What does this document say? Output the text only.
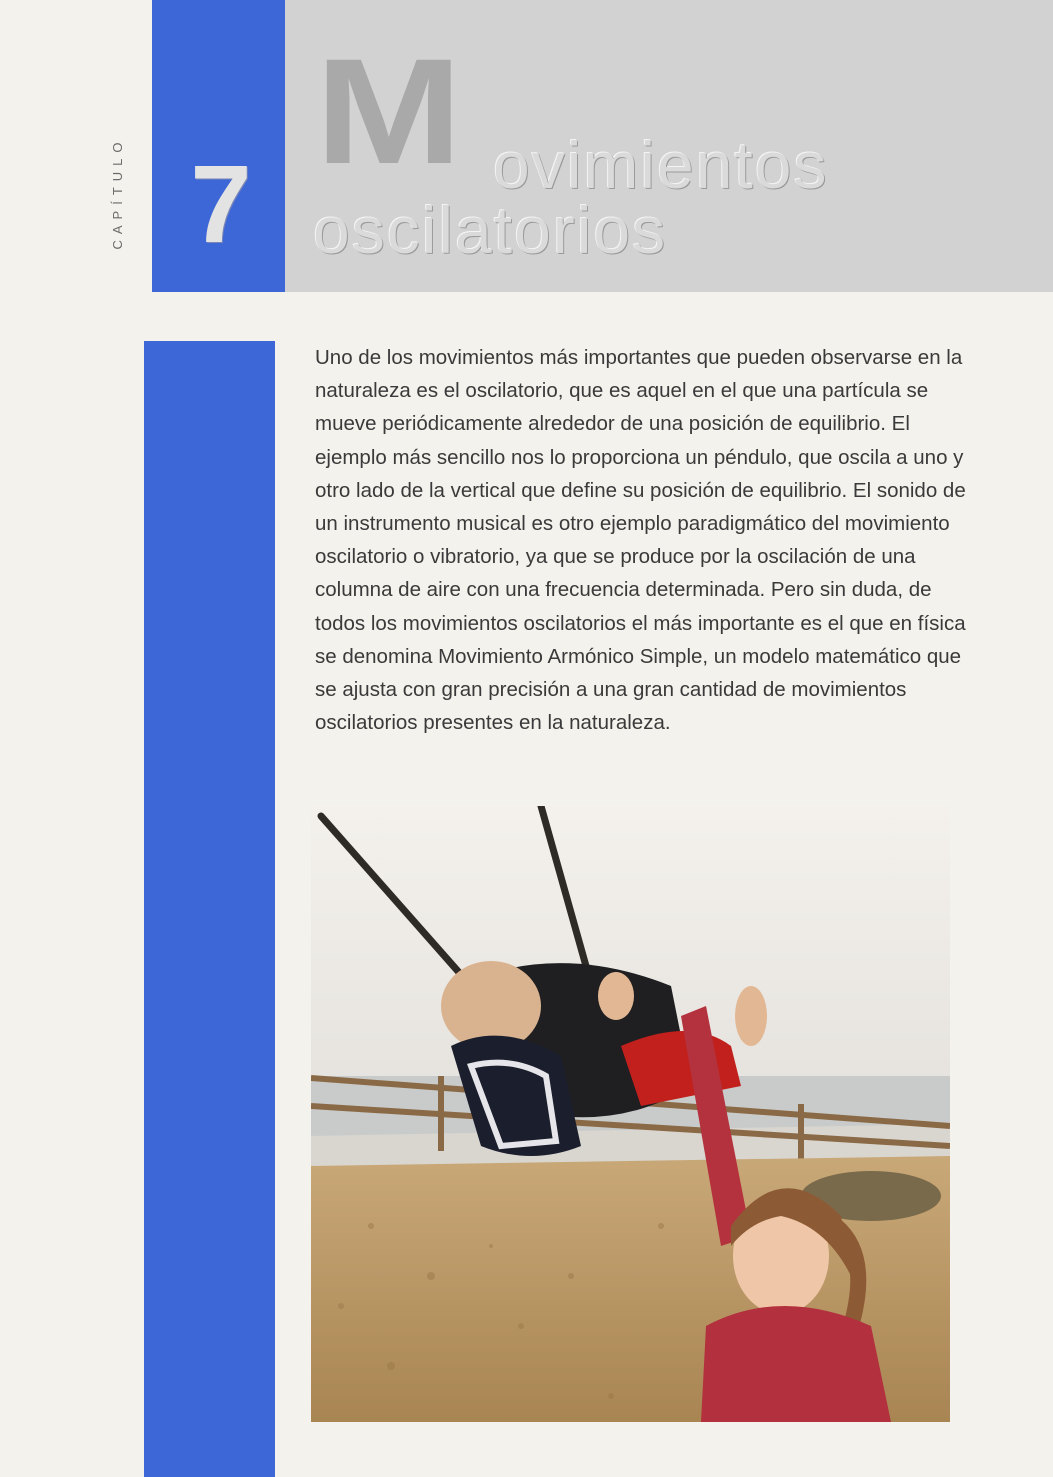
CAPÍTULO 7
M ovimientos
oscilatorios

Uno de los movimientos más importantes que pueden observarse en la naturaleza es el oscilatorio, que es aquel en el que una partícula se mueve periódicamente alrededor de una posición de equilibrio. El ejemplo más sencillo nos lo proporciona un péndulo, que oscila a uno y otro lado de la vertical que define su posición de equilibrio. El sonido de un instrumento musical es otro ejemplo paradigmático del movimiento oscilatorio o vibratorio, ya que se produce por la oscilación de una columna de aire con una frecuencia determinada. Pero sin duda, de todos los movimientos oscilatorios el más importante es el que en física se denomina Movimiento Armónico Simple, un modelo matemático que se ajusta con gran precisión a una gran cantidad de movimientos oscilatorios presentes en la naturaleza.
